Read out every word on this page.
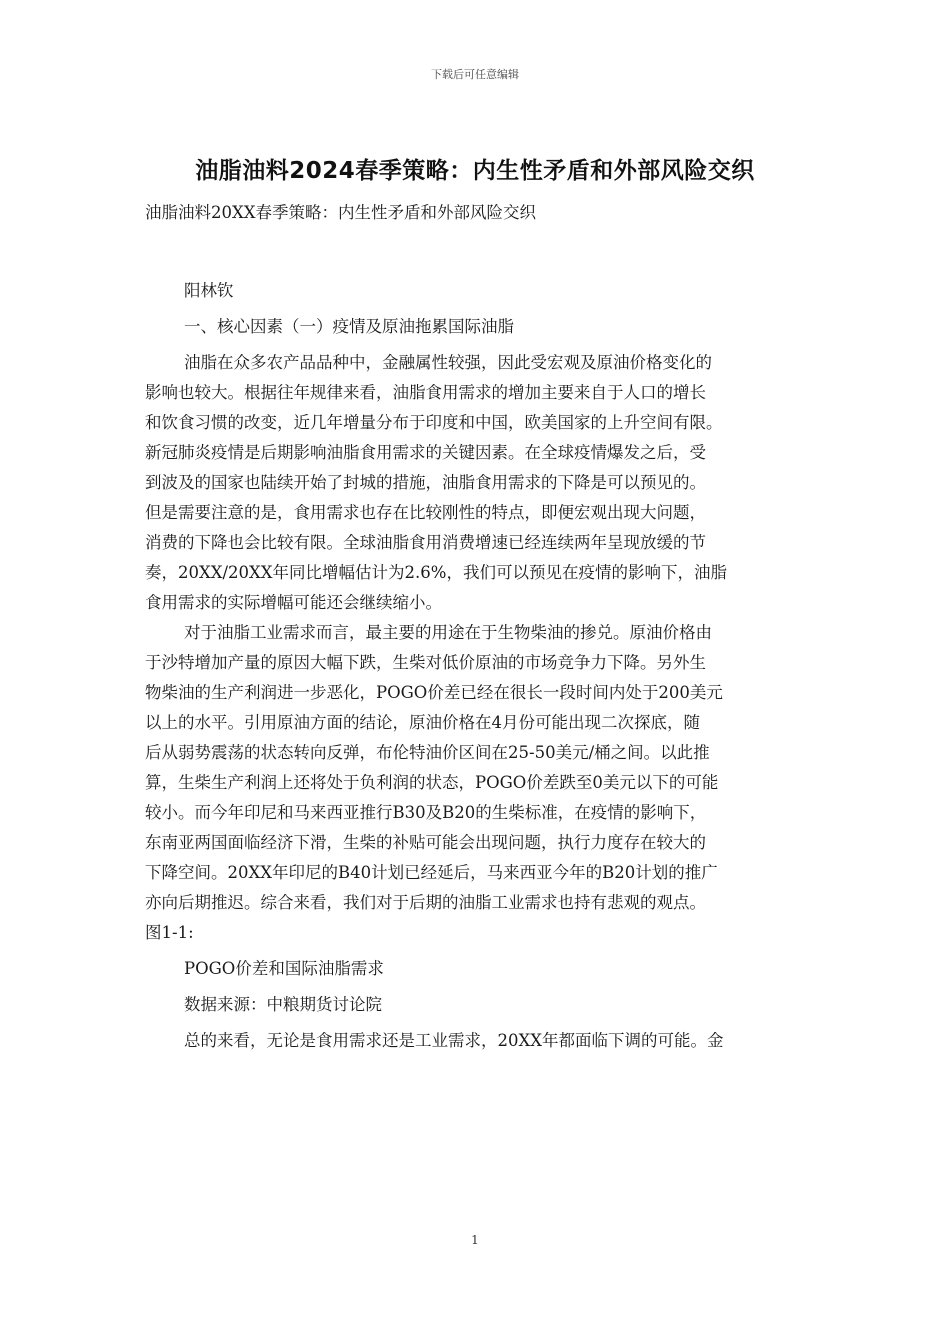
下载后可任意编辑
油脂油料2024春季策略：内生性矛盾和外部风险交织
油脂油料20XX春季策略：内生性矛盾和外部风险交织
阳林钦
一、核心因素（一）疫情及原油拖累国际油脂
油脂在众多农产品品种中，金融属性较强，因此受宏观及原油价格变化的
影响也较大。根据往年规律来看，油脂食用需求的增加主要来自于人口的增长
和饮食习惯的改变，近几年增量分布于印度和中国，欧美国家的上升空间有限。
新冠肺炎疫情是后期影响油脂食用需求的关键因素。在全球疫情爆发之后，受
到波及的国家也陆续开始了封城的措施，油脂食用需求的下降是可以预见的。
但是需要注意的是，食用需求也存在比较刚性的特点，即便宏观出现大问题，
消费的下降也会比较有限。全球油脂食用消费增速已经连续两年呈现放缓的节
奏，20XX/20XX年同比增幅估计为2.6%，我们可以预见在疫情的影响下，油脂
食用需求的实际增幅可能还会继续缩小。
对于油脂工业需求而言，最主要的用途在于生物柴油的掺兑。原油价格由
于沙特增加产量的原因大幅下跌，生柴对低价原油的市场竞争力下降。另外生
物柴油的生产利润进一步恶化，POGO价差已经在很长一段时间内处于200美元
以上的水平。引用原油方面的结论，原油价格在4月份可能出现二次探底，随
后从弱势震荡的状态转向反弹，布伦特油价区间在25-50美元/桶之间。以此推
算，生柴生产利润上还将处于负利润的状态，POGO价差跌至0美元以下的可能
较小。而今年印尼和马来西亚推行B30及B20的生柴标准，在疫情的影响下，
东南亚两国面临经济下滑，生柴的补贴可能会出现问题，执行力度存在较大的
下降空间。20XX年印尼的B40计划已经延后，马来西亚今年的B20计划的推广
亦向后期推迟。综合来看，我们对于后期的油脂工业需求也持有悲观的观点。
图1-1:
POGO价差和国际油脂需求
数据来源：中粮期货讨论院
总的来看，无论是食用需求还是工业需求，20XX年都面临下调的可能。金
1
